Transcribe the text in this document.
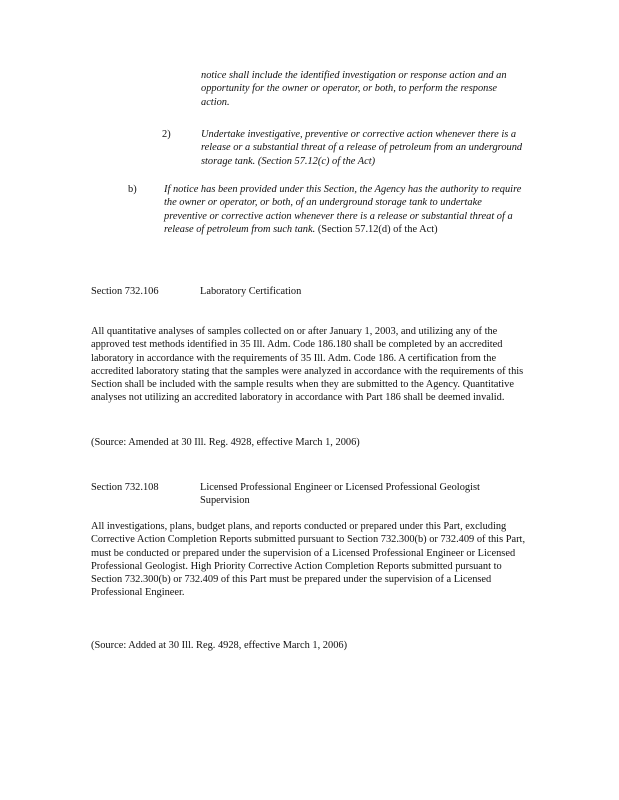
notice shall include the identified investigation or response action and an opportunity for the owner or operator, or both, to perform the response action.
2)	Undertake investigative, preventive or corrective action whenever there is a release or a substantial threat of a release of petroleum from an underground storage tank. (Section 57.12(c) of the Act)
b)	If notice has been provided under this Section, the Agency has the authority to require the owner or operator, or both, of an underground storage tank to undertake preventive or corrective action whenever there is a release or substantial threat of a release of petroleum from such tank. (Section 57.12(d) of the Act)
Section 732.106	Laboratory Certification
All quantitative analyses of samples collected on or after January 1, 2003, and utilizing any of the approved test methods identified in 35 Ill. Adm. Code 186.180 shall be completed by an accredited laboratory in accordance with the requirements of 35 Ill. Adm. Code 186. A certification from the accredited laboratory stating that the samples were analyzed in accordance with the requirements of this Section shall be included with the sample results when they are submitted to the Agency. Quantitative analyses not utilizing an accredited laboratory in accordance with Part 186 shall be deemed invalid.
(Source: Amended at 30 Ill. Reg. 4928, effective March 1, 2006)
Section 732.108	Licensed Professional Engineer or Licensed Professional Geologist Supervision
All investigations, plans, budget plans, and reports conducted or prepared under this Part, excluding Corrective Action Completion Reports submitted pursuant to Section 732.300(b) or 732.409 of this Part, must be conducted or prepared under the supervision of a Licensed Professional Engineer or Licensed Professional Geologist. High Priority Corrective Action Completion Reports submitted pursuant to Section 732.300(b) or 732.409 of this Part must be prepared under the supervision of a Licensed Professional Engineer.
(Source: Added at 30 Ill. Reg. 4928, effective March 1, 2006)
